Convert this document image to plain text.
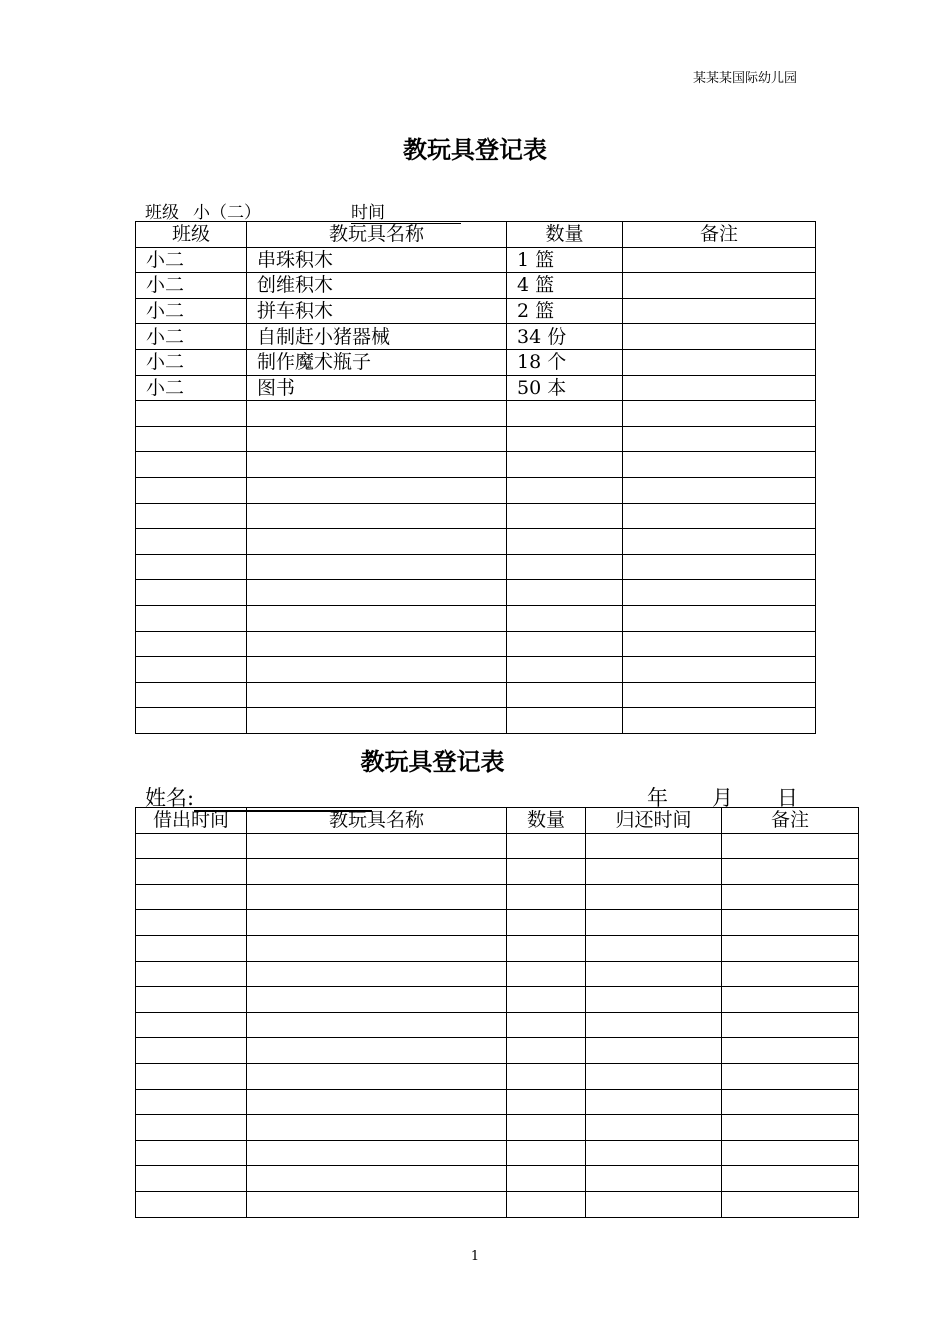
某某某国际幼儿园
教玩具登记表
班级 小（二）	时间
班级	教玩具名称	数量	备注
小二	串珠积木	1 篮	
小二	创维积木	4 篮	
小二	拼车积木	2 篮	
小二	自制赶小猪器械	34 份	
小二	制作魔术瓶子	18 个	
小二	图书	50 本	

教玩具登记表
姓名:	年 月 日
借出时间	教玩具名称	数量	归还时间	备注

1
